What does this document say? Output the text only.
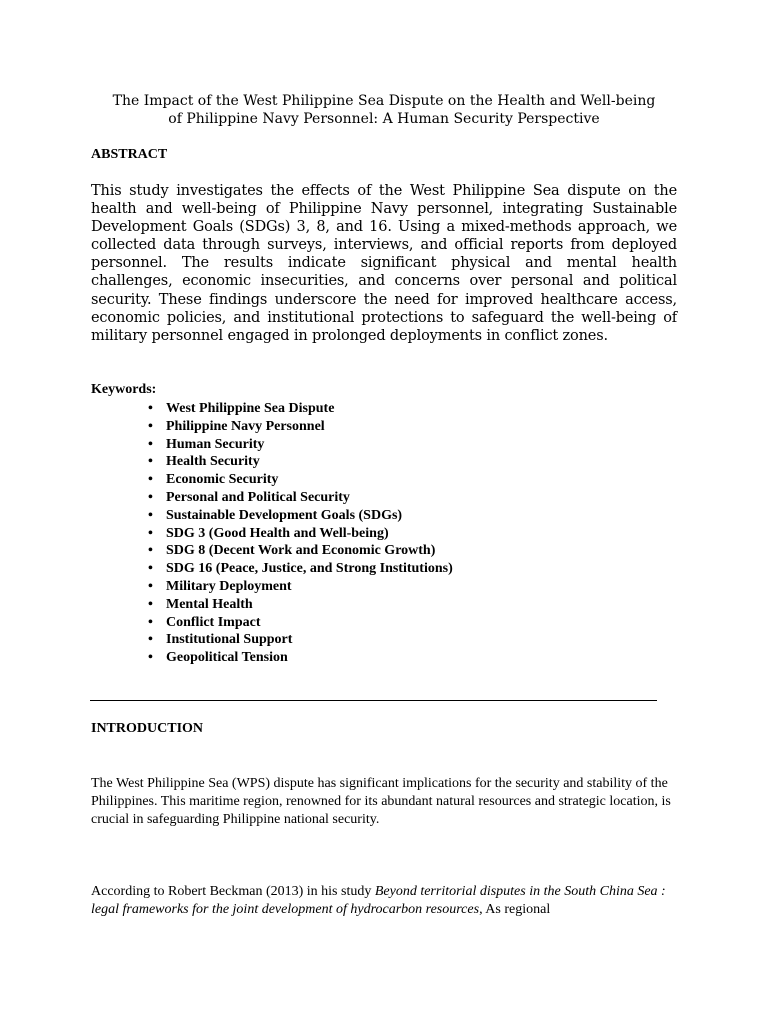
The Impact of the West Philippine Sea Dispute on the Health and Well-being
of Philippine Navy Personnel: A Human Security Perspective
ABSTRACT

This study investigates the effects of the West Philippine Sea dispute on the health and well-being of Philippine Navy personnel, integrating Sustainable Development Goals (SDGs) 3, 8, and 16. Using a mixed-methods approach, we collected data through surveys, interviews, and official reports from deployed personnel. The results indicate significant physical and mental health challenges, economic insecurities, and concerns over personal and political security. These findings underscore the need for improved healthcare access, economic policies, and institutional protections to safeguard the well-being of military personnel engaged in prolonged deployments in conflict zones.

Keywords:
• West Philippine Sea Dispute
• Philippine Navy Personnel
• Human Security
• Health Security
• Economic Security
• Personal and Political Security
• Sustainable Development Goals (SDGs)
• SDG 3 (Good Health and Well-being)
• SDG 8 (Decent Work and Economic Growth)
• SDG 16 (Peace, Justice, and Strong Institutions)
• Military Deployment
• Mental Health
• Conflict Impact
• Institutional Support
• Geopolitical Tension
INTRODUCTION

The West Philippine Sea (WPS) dispute has significant implications for the security and stability of the Philippines. This maritime region, renowned for its abundant natural resources and strategic location, is crucial in safeguarding Philippine national security.

According to Robert Beckman (2013) in his study Beyond territorial disputes in the South China Sea : legal frameworks for the joint development of hydrocarbon resources, As regional
